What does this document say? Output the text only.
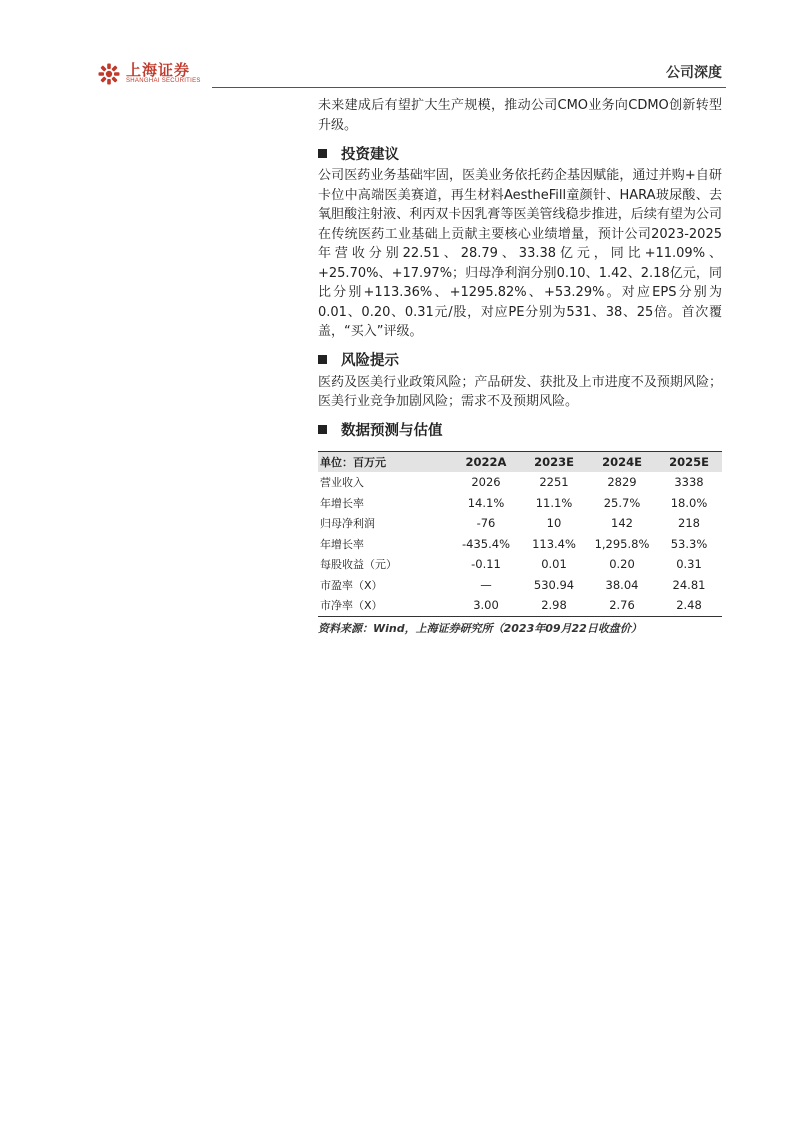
上海证券
SHANGHAI SECURITIES	公司深度

未来建成后有望扩大生产规模，推动公司CMO业务向CDMO创新转型升级。

投资建议

公司医药业务基础牢固，医美业务依托药企基因赋能，通过并购+自研卡位中高端医美赛道，再生材料AestheFill童颜针、HARA玻尿酸、去氧胆酸注射液、利丙双卡因乳膏等医美管线稳步推进，后续有望为公司在传统医药工业基础上贡献主要核心业绩增量，预计公司2023-2025年营收分别22.51、28.79、33.38亿元，同比+11.09%、+25.70%、+17.97%；归母净利润分别0.10、1.42、2.18亿元，同比分别+113.36%、+1295.82%、+53.29%。对应EPS分别为0.01、0.20、0.31元/股，对应PE分别为531、38、25倍。首次覆盖，“买入”评级。

风险提示

医药及医美行业政策风险；产品研发、获批及上市进度不及预期风险；医美行业竞争加剧风险；需求不及预期风险。

数据预测与估值
单位：百万元	2022A	2023E	2024E	2025E
营业收入	2026	2251	2829	3338
年增长率	14.1%	11.1%	25.7%	18.0%
归母净利润	-76	10	142	218
年增长率	-435.4%	113.4%	1,295.8%	53.3%
每股收益（元）	-0.11	0.01	0.20	0.31
市盈率（X）	—	530.94	38.04	24.81
市净率（X）	3.00	2.98	2.76	2.48
资料来源：Wind，上海证券研究所（2023年09月22日收盘价）
